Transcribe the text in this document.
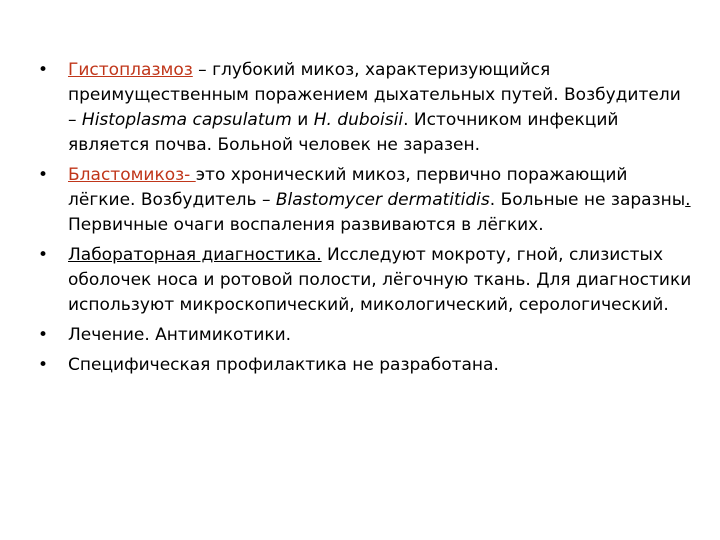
• Гистоплазмоз – глубокий микоз, характеризующийся преимущественным поражением дыхательных путей. Возбудители – Histoplasma capsulatum и H. duboisii. Источником инфекций является почва. Больной человек не заразен.
• Бластомикоз- это хронический микоз, первично поражающий лёгкие. Возбудитель – Blastomycer dermatitidis. Больные не заразны. Первичные очаги воспаления развиваются в лёгких.
• Лабораторная диагностика. Исследуют мокроту, гной, слизистых оболочек носа и ротовой полости, лёгочную ткань. Для диагностики используют микроскопический, микологический, серологический.
• Лечение. Антимикотики.
• Специфическая профилактика не разработана.
